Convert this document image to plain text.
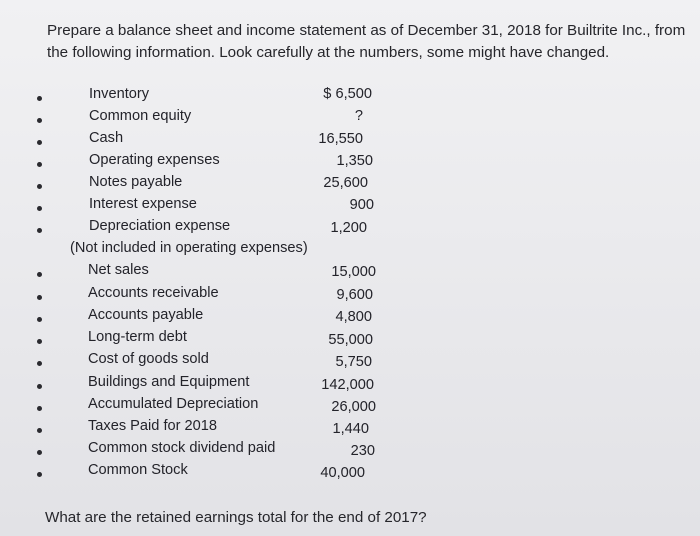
Prepare a balance sheet and income statement as of December 31, 2018 for Builtrite Inc., from the following information. Look carefully at the numbers, some might have changed.
Inventory	$ 6,500
Common equity	?
Cash	16,550
Operating expenses	1,350
Notes payable	25,600
Interest expense	900
Depreciation expense	1,200
(Not included in operating expenses)
Net sales	15,000
Accounts receivable	9,600
Accounts payable	4,800
Long-term debt	55,000
Cost of goods sold	5,750
Buildings and Equipment	142,000
Accumulated Depreciation	26,000
Taxes Paid for 2018	1,440
Common stock dividend paid	230
Common Stock	40,000
What are the retained earnings total for the end of 2017?
